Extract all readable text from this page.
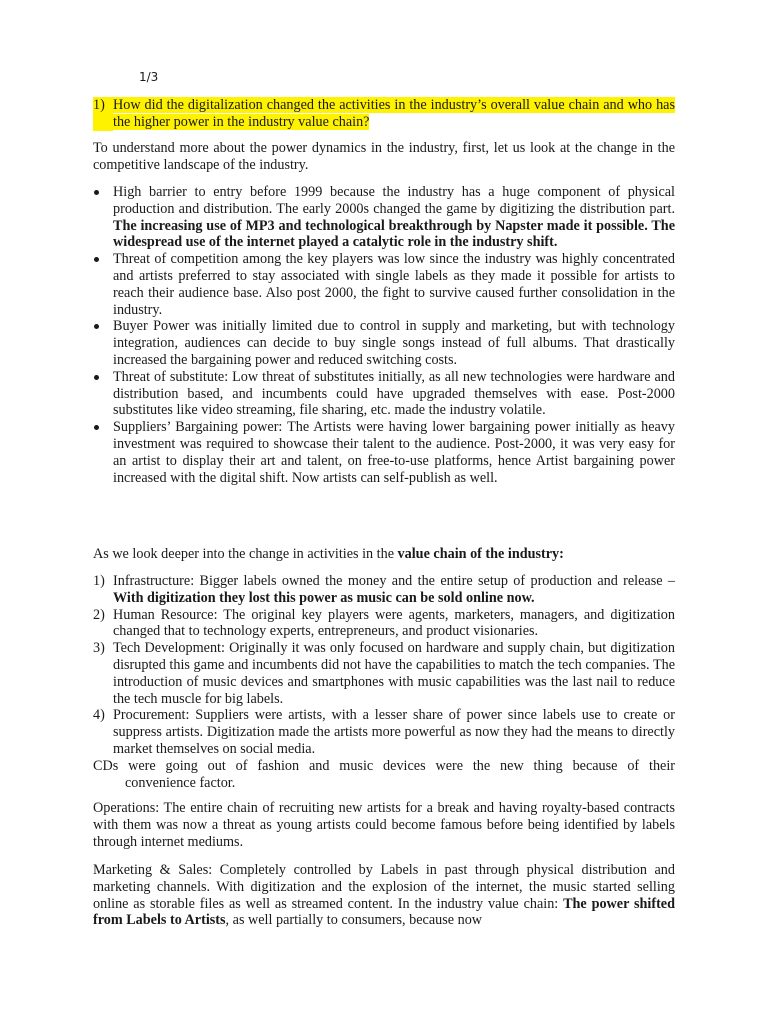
1/3
1) How did the digitalization changed the activities in the industry’s overall value chain and who has the higher power in the industry value chain?
To understand more about the power dynamics in the industry, first, let us look at the change in the competitive landscape of the industry.
High barrier to entry before 1999 because the industry has a huge component of physical production and distribution. The early 2000s changed the game by digitizing the distribution part. The increasing use of MP3 and technological breakthrough by Napster made it possible. The widespread use of the internet played a catalytic role in the industry shift.
Threat of competition among the key players was low since the industry was highly concentrated and artists preferred to stay associated with single labels as they made it possible for artists to reach their audience base. Also post 2000, the fight to survive caused further consolidation in the industry.
Buyer Power was initially limited due to control in supply and marketing, but with technology integration, audiences can decide to buy single songs instead of full albums. That drastically increased the bargaining power and reduced switching costs.
Threat of substitute: Low threat of substitutes initially, as all new technologies were hardware and distribution based, and incumbents could have upgraded themselves with ease. Post-2000 substitutes like video streaming, file sharing, etc. made the industry volatile.
Suppliers’ Bargaining power: The Artists were having lower bargaining power initially as heavy investment was required to showcase their talent to the audience. Post-2000, it was very easy for an artist to display their art and talent, on free-to-use platforms, hence Artist bargaining power increased with the digital shift. Now artists can self-publish as well.
As we look deeper into the change in activities in the value chain of the industry:
1) Infrastructure: Bigger labels owned the money and the entire setup of production and release – With digitization they lost this power as music can be sold online now.
2) Human Resource: The original key players were agents, marketers, managers, and digitization changed that to technology experts, entrepreneurs, and product visionaries.
3) Tech Development: Originally it was only focused on hardware and supply chain, but digitization disrupted this game and incumbents did not have the capabilities to match the tech companies. The introduction of music devices and smartphones with music capabilities was the last nail to reduce the tech muscle for big labels.
4) Procurement: Suppliers were artists, with a lesser share of power since labels use to create or suppress artists. Digitization made the artists more powerful as now they had the means to directly market themselves on social media.
CDs were going out of fashion and music devices were the new thing because of their
convenience factor.
Operations: The entire chain of recruiting new artists for a break and having royalty-based contracts with them was now a threat as young artists could become famous before being identified by labels through internet mediums.
Marketing & Sales: Completely controlled by Labels in past through physical distribution and marketing channels. With digitization and the explosion of the internet, the music started selling online as storable files as well as streamed content. In the industry value chain: The power shifted from Labels to Artists, as well partially to consumers, because now
